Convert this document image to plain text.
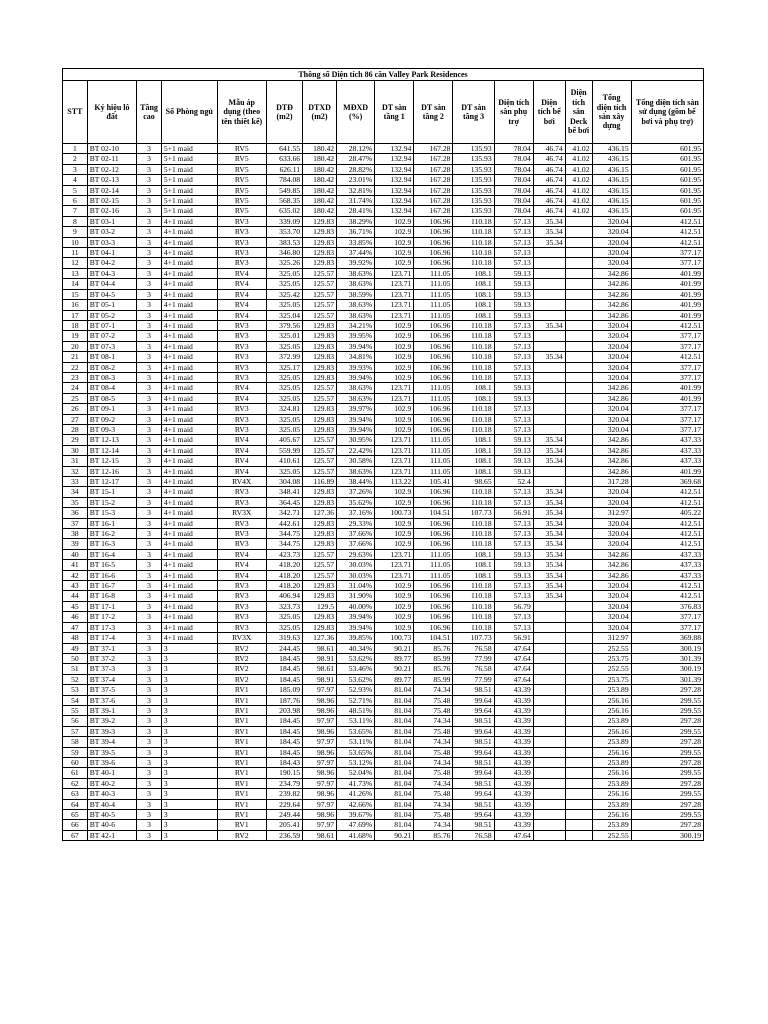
Thông số Diện tích 86 căn Valley Park Residences															
STT	Ký hiệu lô đất	Tầng cao	Số Phòng ngủ	Mẫu áp dụng (theo tên thiết kế)	DTĐ (m2)	DTXD (m2)	MĐXD (%)	DT sàn tầng 1	DT sàn tầng 2	DT sàn tầng 3	Diện tích sân phụ trợ	Diện tích bể bơi	Diện tích sân Deck bể bơi	Tổng diện tích sàn xây dựng	Tổng diện tích sàn sử dụng (gồm bể bơi và phụ trợ)
1	BT 02-10	3	5+1 maid	RV5	641.55	180.42	28.12%	132.94	167.28	135.93	78.04	46.74	41.02	436.15	601.95
2	BT 02-11	3	5+1 maid	RV5	633.66	180.42	28.47%	132.94	167.28	135.93	78.04	46.74	41.02	436.15	601.95
3	BT 02-12	3	5+1 maid	RV5	626.11	180.42	28.82%	132.94	167.28	135.93	78.04	46.74	41.02	436.15	601.95
4	BT 02-13	3	5+1 maid	RV5	784.08	180.42	23.01%	132.94	167.28	135.93	78.04	46.74	41.02	436.15	601.95
5	BT 02-14	3	5+1 maid	RV5	549.85	180.42	32.81%	132.94	167.28	135.93	78.04	46.74	41.02	436.15	601.95
6	BT 02-15	3	5+1 maid	RV5	568.35	180.42	31.74%	132.94	167.28	135.93	78.04	46.74	41.02	436.15	601.95
7	BT 02-16	3	5+1 maid	RV5	635.02	180.42	28.41%	132.94	167.28	135.93	78.04	46.74	41.02	436.15	601.95
8	BT 03-1	3	4+1 maid	RV3	339.09	129.83	38.29%	102.9	106.96	110.18	57.13	35.34		320.04	412.51
9	BT 03-2	3	4+1 maid	RV3	353.70	129.83	36.71%	102.9	106.96	110.18	57.13	35.34		320.04	412.51
10	BT 03-3	3	4+1 maid	RV3	383.53	129.83	33.85%	102.9	106.96	110.18	57.13	35.34		320.04	412.51
11	BT 04-1	3	4+1 maid	RV3	346.80	129.83	37.44%	102.9	106.96	110.18	57.13			320.04	377.17
12	BT 04-2	3	4+1 maid	RV3	325.26	129.83	39.92%	102.9	106.96	110.18	57.13			320.04	377.17
13	BT 04-3	3	4+1 maid	RV4	325.05	125.57	38.63%	123.71	111.05	108.1	59.13			342.86	401.99
14	BT 04-4	3	4+1 maid	RV4	325.05	125.57	38.63%	123.71	111.05	108.1	59.13			342.86	401.99
15	BT 04-5	3	4+1 maid	RV4	325.42	125.57	38.59%	123.71	111.05	108.1	59.13			342.86	401.99
16	BT 05-1	3	4+1 maid	RV4	325.05	125.57	38.63%	123.71	111.05	108.1	59.13			342.86	401.99
17	BT 05-2	3	4+1 maid	RV4	325.04	125.57	38.63%	123.71	111.05	108.1	59.13			342.86	401.99
18	BT 07-1	3	4+1 maid	RV3	379.56	129.83	34.21%	102.9	106.96	110.18	57.13	35.34		320.04	412.51
19	BT 07-2	3	4+1 maid	RV3	325.01	129.83	39.95%	102.9	106.96	110.18	57.13			320.04	377.17
20	BT 07-3	3	4+1 maid	RV3	325.05	129.83	39.94%	102.9	106.96	110.18	57.13			320.04	377.17
21	BT 08-1	3	4+1 maid	RV3	372.99	129.83	34.81%	102.9	106.96	110.18	57.13	35.34		320.04	412.51
22	BT 08-2	3	4+1 maid	RV3	325.17	129.83	39.93%	102.9	106.96	110.18	57.13			320.04	377.17
23	BT 08-3	3	4+1 maid	RV3	325.05	129.83	39.94%	102.9	106.96	110.18	57.13			320.04	377.17
24	BT 08-4	3	4+1 maid	RV4	325.05	125.57	38.63%	123.71	111.05	108.1	59.13			342.86	401.99
25	BT 08-5	3	4+1 maid	RV4	325.05	125.57	38.63%	123.71	111.05	108.1	59.13			342.86	401.99
26	BT 09-1	3	4+1 maid	RV3	324.81	129.83	39.97%	102.9	106.96	110.18	57.13			320.04	377.17
27	BT 09-2	3	4+1 maid	RV3	325.05	129.83	39.94%	102.9	106.96	110.18	57.13			320.04	377.17
28	BT 09-3	3	4+1 maid	RV3	325.05	129.83	39.94%	102.9	106.96	110.18	57.13			320.04	377.17
29	BT 12-13	3	4+1 maid	RV4	405.67	125.57	30.95%	123.71	111.05	108.1	59.13	35.34		342.86	437.33
30	BT 12-14	3	4+1 maid	RV4	559.99	125.57	22.42%	123.71	111.05	108.1	59.13	35.34		342.86	437.33
31	BT 12-15	3	4+1 maid	RV4	410.61	125.57	30.58%	123.71	111.05	108.1	59.13	35.34		342.86	437.33
32	BT 12-16	3	4+1 maid	RV4	325.05	125.57	38.63%	123.71	111.05	108.1	59.13			342.86	401.99
33	BT 12-17	3	4+1 maid	RV4X	304.08	116.89	38.44%	113.22	105.41	98.65	52.4			317.28	369.68
34	BT 15-1	3	4+1 maid	RV3	348.41	129.83	37.26%	102.9	106.96	110.18	57.13	35.34		320.04	412.51
35	BT 15-2	3	4+1 maid	RV3	364.45	129.83	35.62%	102.9	106.96	110.18	57.13	35.34		320.04	412.51
36	BT 15-3	3	4+1 maid	RV3X	342.71	127.36	37.16%	100.73	104.51	107.73	56.91	35.34		312.97	405.22
37	BT 16-1	3	4+1 maid	RV3	442.61	129.83	29.33%	102.9	106.96	110.18	57.13	35.34		320.04	412.51
38	BT 16-2	3	4+1 maid	RV3	344.75	129.83	37.66%	102.9	106.96	110.18	57.13	35.34		320.04	412.51
39	BT 16-3	3	4+1 maid	RV3	344.75	129.83	37.66%	102.9	106.96	110.18	57.13	35.34		320.04	412.51
40	BT 16-4	3	4+1 maid	RV4	423.73	125.57	29.63%	123.71	111.05	108.1	59.13	35.34		342.86	437.33
41	BT 16-5	3	4+1 maid	RV4	418.20	125.57	30.03%	123.71	111.05	108.1	59.13	35.34		342.86	437.33
42	BT 16-6	3	4+1 maid	RV4	418.20	125.57	30.03%	123.71	111.05	108.1	59.13	35.34		342.86	437.33
43	BT 16-7	3	4+1 maid	RV3	418.20	129.83	31.04%	102.9	106.96	110.18	57.13	35.34		320.04	412.51
44	BT 16-8	3	4+1 maid	RV3	406.94	129.83	31.90%	102.9	106.96	110.18	57.13	35.34		320.04	412.51
45	BT 17-1	3	4+1 maid	RV3	323.73	129.5	40.00%	102.9	106.96	110.18	56.79			320.04	376.83
46	BT 17-2	3	4+1 maid	RV3	325.05	129.83	39.94%	102.9	106.96	110.18	57.13			320.04	377.17
47	BT 17-3	3	4+1 maid	RV3	325.05	129.83	39.94%	102.9	106.96	110.18	57.13			320.04	377.17
48	BT 17-4	3	4+1 maid	RV3X	319.63	127.36	39.85%	100.73	104.51	107.73	56.91			312.97	369.88
49	BT 37-1	3	3	RV2	244.45	98.61	40.34%	90.21	85.76	76.58	47.64			252.55	300.19
50	BT 37-2	3	3	RV2	184.45	98.91	53.62%	89.77	85.99	77.99	47.64			253.75	301.39
51	BT 37-3	3	3	RV2	184.45	98.61	53.46%	90.21	85.76	76.58	47.64			252.55	300.19
52	BT 37-4	3	3	RV2	184.45	98.91	53.62%	89.77	85.99	77.99	47.64			253.75	301.39
53	BT 37-5	3	3	RV1	185.09	97.97	52.93%	81.04	74.34	98.51	43.39			253.89	297.28
54	BT 37-6	3	3	RV1	187.76	98.96	52.71%	81.04	75.48	99.64	43.39			256.16	299.55
55	BT 39-1	3	3	RV1	203.98	98.96	48.51%	81.04	75.48	99.64	43.39			256.16	299.55
56	BT 39-2	3	3	RV1	184.45	97.97	53.11%	81.04	74.34	98.51	43.39			253.89	297.28
57	BT 39-3	3	3	RV1	184.45	98.96	53.65%	81.04	75.48	99.64	43.39			256.16	299.55
58	BT 39-4	3	3	RV1	184.45	97.97	53.11%	81.04	74.34	98.51	43.39			253.89	297.28
59	BT 39-5	3	3	RV1	184.45	98.96	53.65%	81.04	75.48	99.64	43.39			256.16	299.55
60	BT 39-6	3	3	RV1	184.43	97.97	53.12%	81.04	74.34	98.51	43.39			253.89	297.28
61	BT 40-1	3	3	RV1	190.15	98.96	52.04%	81.04	75.48	99.64	43.39			256.16	299.55
62	BT 40-2	3	3	RV1	234.79	97.97	41.73%	81.04	74.34	98.51	43.39			253.89	297.28
63	BT 40-3	3	3	RV1	239.82	98.96	41.26%	81.04	75.48	99.64	43.39			256.16	299.55
64	BT 40-4	3	3	RV1	229.64	97.97	42.66%	81.04	74.34	98.51	43.39			253.89	297.28
65	BT 40-5	3	3	RV1	249.44	98.96	39.67%	81.04	75.48	99.64	43.39			256.16	299.55
66	BT 40-6	3	3	RV1	205.41	97.97	47.69%	81.04	74.34	98.51	43.39			253.89	297.28
67	BT 42-1	3	3	RV2	236.59	98.61	41.68%	90.21	85.76	76.58	47.64			252.55	300.19
